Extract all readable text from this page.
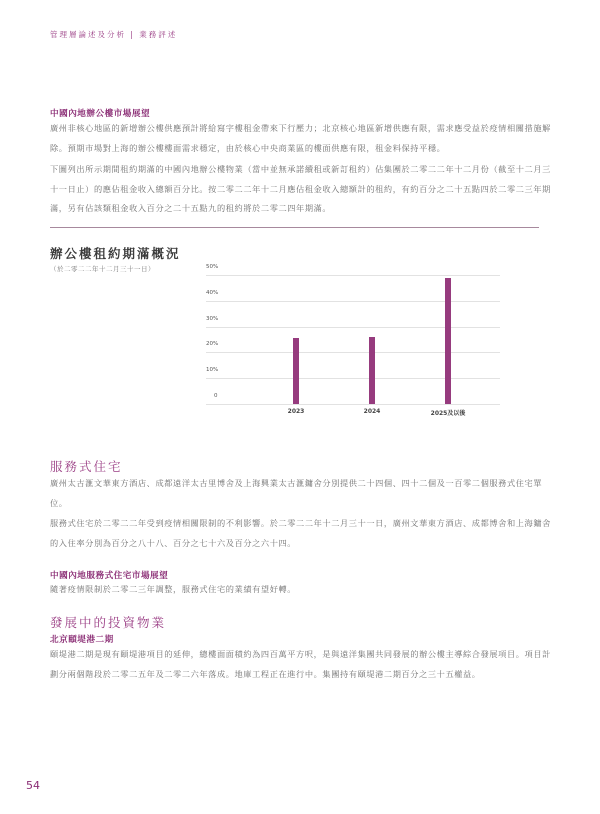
管理層論述及分析 | 業務評述
中國內地辦公樓市場展望

廣州非核心地區的新增辦公樓供應預計將給寫字樓租金帶來下行壓力；北京核心地區新增供應有限，需求應受益於疫情相關措施解除。預期市場對上海的辦公樓樓面需求穩定，由於核心中央商業區的樓面供應有限，租金料保持平穩。

下圖列出所示期間租約期滿的中國內地辦公樓物業（當中並無承諾續租或新訂租約）佔集團於二零二二年十二月份（截至十二月三十一日止）的應佔租金收入總額百分比。按二零二二年十二月應佔租金收入總額計的租約，有約百分之二十五點四於二零二三年期滿，另有佔該類租金收入百分之二十五點九的租約將於二零二四年期滿。

辦公樓租約期滿概況
（於二零二二年十二月三十一日）
0
10%
20%
30%
40%
50%
2023	2024	2025及以後
服務式住宅

廣州太古滙文華東方酒店、成都遠洋太古里博舍及上海興業太古滙鏞舍分別提供二十四個、四十二個及一百零二個服務式住宅單位。

服務式住宅於二零二二年受到疫情相關限制的不利影響。於二零二二年十二月三十一日，廣州文華東方酒店、成都博舍和上海鏞舍的入住率分別為百分之八十八、百分之七十六及百分之六十四。

中國內地服務式住宅市場展望

隨著疫情限制於二零二三年調整，服務式住宅的業績有望好轉。

發展中的投資物業
北京頤堤港二期

頤堤港二期是現有頤堤港項目的延伸，總樓面面積約為四百萬平方呎，是與遠洋集團共同發展的辦公樓主導綜合發展項目。項目計劃分兩個階段於二零二五年及二零二六年落成。地庫工程正在進行中。集團持有頤堤港二期百分之三十五權益。

54
